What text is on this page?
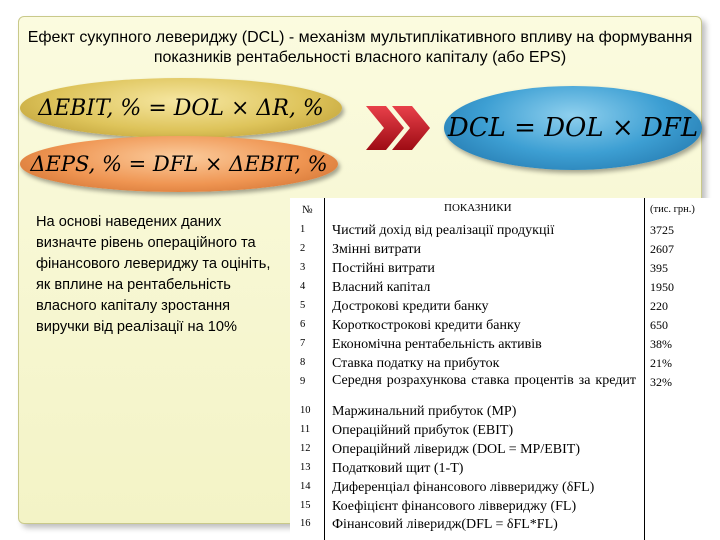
Ефект сукупного левериджу (DCL) - механізм мультиплікативного впливу на формування показників рентабельності власного капіталу (або EPS)
ΔEBIT, % = DOL × ΔR, %
ΔEPS, % = DFL × ΔEBIT, %
DCL = DOL × DFL
На основі наведених даних визначте рівень операційного та фінансового левериджу та оцініть, як вплине на рентабельність власного капіталу зростання виручки від реалізації на 10%
№	ПОКАЗНИКИ	(тис. грн.)
1 Чистий дохід від реалізації продукції	3725
2 Змінні витрати	2607
3 Постійні витрати	395
4 Власний капітал	1950
5 Дострокові кредити банку	220
6 Короткострокові кредити банку	650
7 Економічна рентабельність активів	38%
8 Ставка податку на прибуток	21%
9 Середня розрахункова ставка процентів за кредит 32%
10 Маржинальний прибуток (МР)
11 Операційний прибуток (EBIT)
12 Операційний ліверидж (DOL = MP/EBIT)
13 Податковий щит (1-Т)
14 Диференціал фінансового ліввериджу (δFL)
15 Коефіцієнт фінансового ліввериджу (FL)
16 Фінансовий ліверидж(DFL = δFL*FL)
